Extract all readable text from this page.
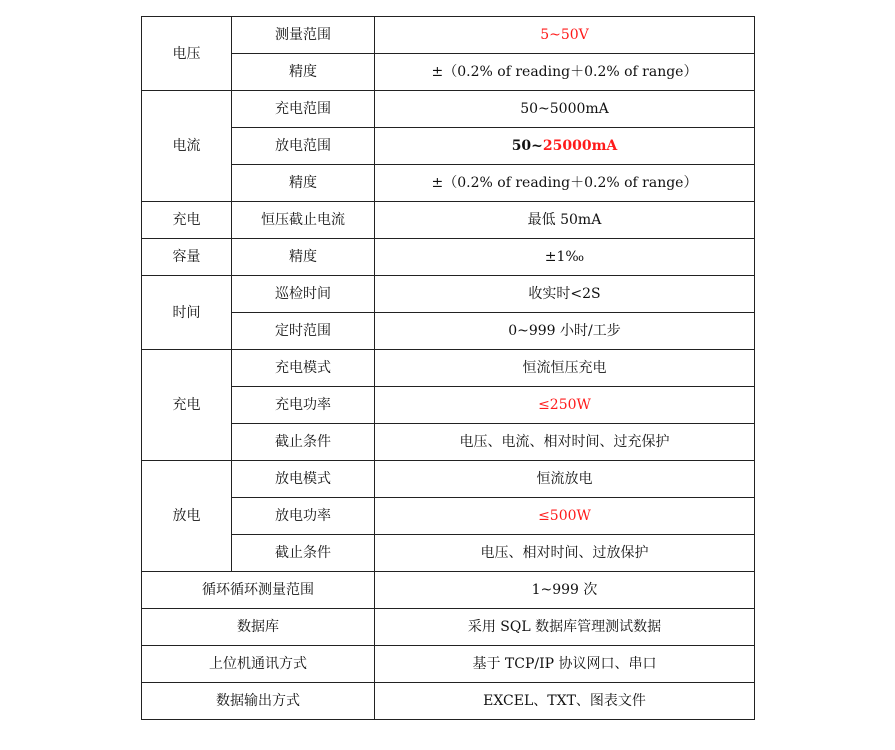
电压	测量范围	5~50V
	精度	±（0.2% of reading＋0.2% of range）
电流	充电范围	50~5000mA
	放电范围	50~25000mA
	精度	±（0.2% of reading＋0.2% of range）
充电	恒压截止电流	最低 50mA
容量	精度	±1‰
时间	巡检时间	收实时<2S
	定时范围	0~999 小时/工步
充电	充电模式	恒流恒压充电
	充电功率	≤250W
	截止条件	电压、电流、相对时间、过充保护
放电	放电模式	恒流放电
	放电功率	≤500W
	截止条件	电压、相对时间、过放保护
循环循环测量范围		1~999 次
数据库		采用 SQL 数据库管理测试数据
上位机通讯方式		基于 TCP/IP 协议网口、串口
数据输出方式		EXCEL、TXT、图表文件
